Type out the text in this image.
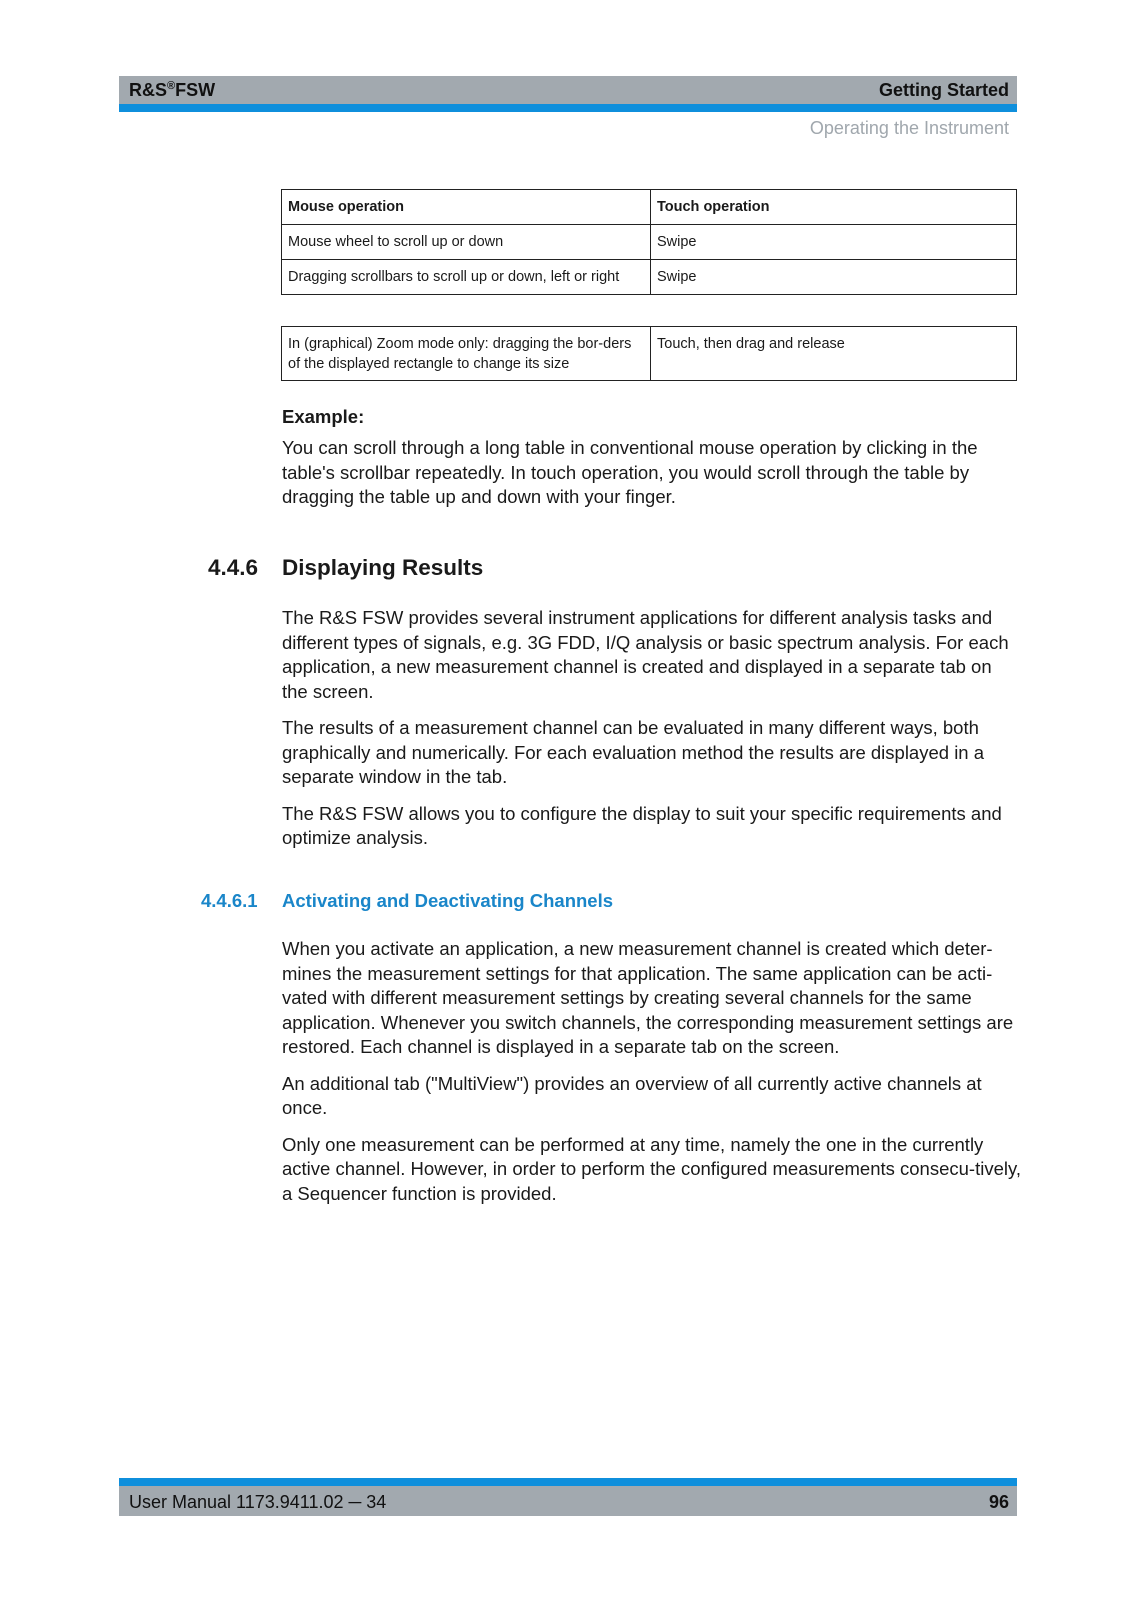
R&S®FSW	Getting Started
Operating the Instrument
Mouse operation	Touch operation
Mouse wheel to scroll up or down	Swipe
Dragging scrollbars to scroll up or down, left or right	Swipe
In (graphical) Zoom mode only: dragging the bor-ders of the displayed rectangle to change its size	Touch, then drag and release
Example:

You can scroll through a long table in conventional mouse operation by clicking in the table's scrollbar repeatedly. In touch operation, you would scroll through the table by dragging the table up and down with your finger.

4.4.6 Displaying Results

The R&S FSW provides several instrument applications for different analysis tasks and different types of signals, e.g. 3G FDD, I/Q analysis or basic spectrum analysis. For each application, a new measurement channel is created and displayed in a separate tab on the screen.

The results of a measurement channel can be evaluated in many different ways, both graphically and numerically. For each evaluation method the results are displayed in a separate window in the tab.

The R&S FSW allows you to configure the display to suit your specific requirements and optimize analysis.

4.4.6.1 Activating and Deactivating Channels

When you activate an application, a new measurement channel is created which deter-mines the measurement settings for that application. The same application can be acti-vated with different measurement settings by creating several channels for the same application. Whenever you switch channels, the corresponding measurement settings are restored. Each channel is displayed in a separate tab on the screen.

An additional tab ("MultiView") provides an overview of all currently active channels at once.

Only one measurement can be performed at any time, namely the one in the currently active channel. However, in order to perform the configured measurements consecu-tively, a Sequencer function is provided.

User Manual 1173.9411.02 ─ 34	96
